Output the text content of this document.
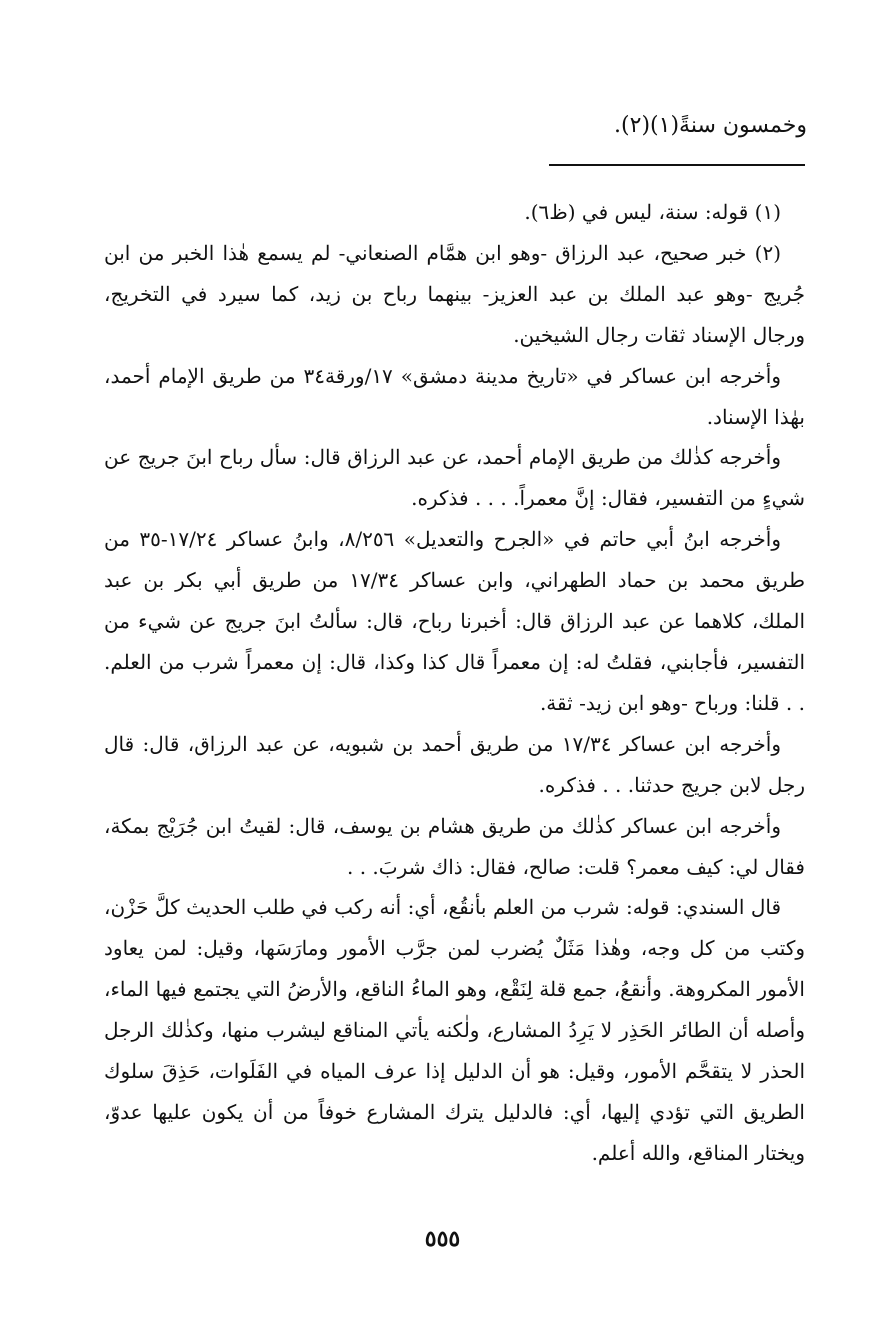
وخمسون سنةً(١)(٢).

(١) قوله: سنة، ليس في (ظ٦).

(٢) خبر صحيح، عبد الرزاق -وهو ابن همَّام الصنعاني- لم يسمع هٰذا الخبر من ابن جُريج -وهو عبد الملك بن عبد العزيز- بينهما رباح بن زيد، كما سيرد في التخريج، ورجال الإسناد ثقات رجال الشيخين.

وأخرجه ابن عساكر في «تاريخ مدينة دمشق» ١٧/ورقة٣٤ من طريق الإمام أحمد، بهٰذا الإسناد.

وأخرجه كذٰلك من طريق الإمام أحمد، عن عبد الرزاق قال: سأل رباح ابنَ جريج عن شيءٍ من التفسير، فقال: إنَّ معمراً. . . . فذكره.

وأخرجه ابنُ أبي حاتم في «الجرح والتعديل» ٨/٢٥٦، وابنُ عساكر ١٧/٢٤-٣٥ من طريق محمد بن حماد الطهراني، وابن عساكر ١٧/٣٤ من طريق أبي بكر بن عبد الملك، كلاهما عن عبد الرزاق قال: أخبرنا رباح، قال: سألتُ ابنَ جريج عن شيء من التفسير، فأجابني، فقلتُ له: إن معمراً قال كذا وكذا، قال: إن معمراً شرب من العلم. . . قلنا: ورباح -وهو ابن زيد- ثقة.

وأخرجه ابن عساكر ١٧/٣٤ من طريق أحمد بن شبويه، عن عبد الرزاق، قال: قال رجل لابن جريج حدثنا. . . فذكره.

وأخرجه ابن عساكر كذٰلك من طريق هشام بن يوسف، قال: لقيتُ ابن جُرَيْج بمكة، فقال لي: كيف معمر؟ قلت: صالح، فقال: ذاك شربَ. . .

قال السندي: قوله: شرب من العلم بأنقُع، أي: أنه ركب في طلب الحديث كلَّ حَزْن، وكتب من كل وجه، وهٰذا مَثَلٌ يُضرب لمن جرَّب الأمور ومارَسَها، وقيل: لمن يعاود الأمور المكروهة. وأنقعُ، جمع قلة لِنَقْع، وهو الماءُ الناقع، والأرضُ التي يجتمع فيها الماء، وأصله أن الطائر الحَذِر لا يَرِدُ المشارع، ولٰكنه يأتي المناقع ليشرب منها، وكذٰلك الرجل الحذر لا يتقحَّم الأمور، وقيل: هو أن الدليل إذا عرف المياه في الفَلَوات، حَذِقَ سلوك الطريق التي تؤدي إليها، أي: فالدليل يترك المشارع خوفاً من أن يكون عليها عدوّ، ويختار المناقع، والله أعلم.

٥٥٥
